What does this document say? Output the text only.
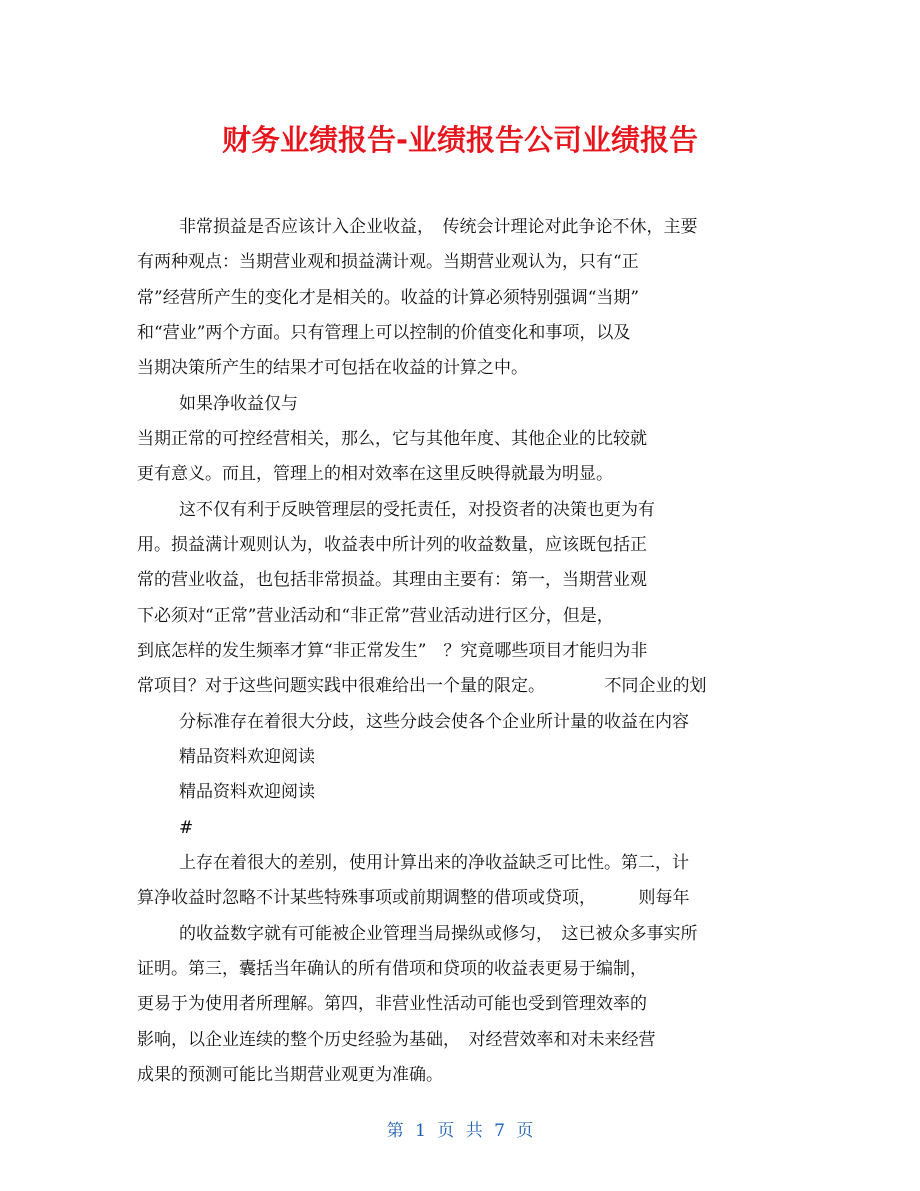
财务业绩报告-业绩报告公司业绩报告
非常损益是否应该计入企业收益，　传统会计理论对此争论不休，主要
有两种观点：当期营业观和损益满计观。当期营业观认为，只有“正
常”经营所产生的变化才是相关的。收益的计算必须特别强调“当期”
和“营业”两个方面。只有管理上可以控制的价值变化和事项，以及
当期决策所产生的结果才可包括在收益的计算之中。
如果净收益仅与
当期正常的可控经营相关，那么，它与其他年度、其他企业的比较就
更有意义。而且，管理上的相对效率在这里反映得就最为明显。
这不仅有利于反映管理层的受托责任，对投资者的决策也更为有
用。损益满计观则认为，收益表中所计列的收益数量，应该既包括正
常的营业收益，也包括非常损益。其理由主要有：第一，当期营业观
下必须对“正常”营业活动和“非正常”营业活动进行区分，但是，
到底怎样的发生频率才算“非正常发生”　？究竟哪些项目才能归为非
常项目？对于这些问题实践中很难给出一个量的限定。　　　　不同企业的划
分标准存在着很大分歧，这些分歧会使各个企业所计量的收益在内容
精品资料欢迎阅读
精品资料欢迎阅读
#
上存在着很大的差别，使用计算出来的净收益缺乏可比性。第二，计
算净收益时忽略不计某些特殊事项或前期调整的借项或贷项，　　　则每年
的收益数字就有可能被企业管理当局操纵或修匀，　这已被众多事实所
证明。第三，囊括当年确认的所有借项和贷项的收益表更易于编制，
更易于为使用者所理解。第四，非营业性活动可能也受到管理效率的
影响，以企业连续的整个历史经验为基础，　对经营效率和对未来经营
成果的预测可能比当期营业观更为准确。
第 1 页 共 7 页
